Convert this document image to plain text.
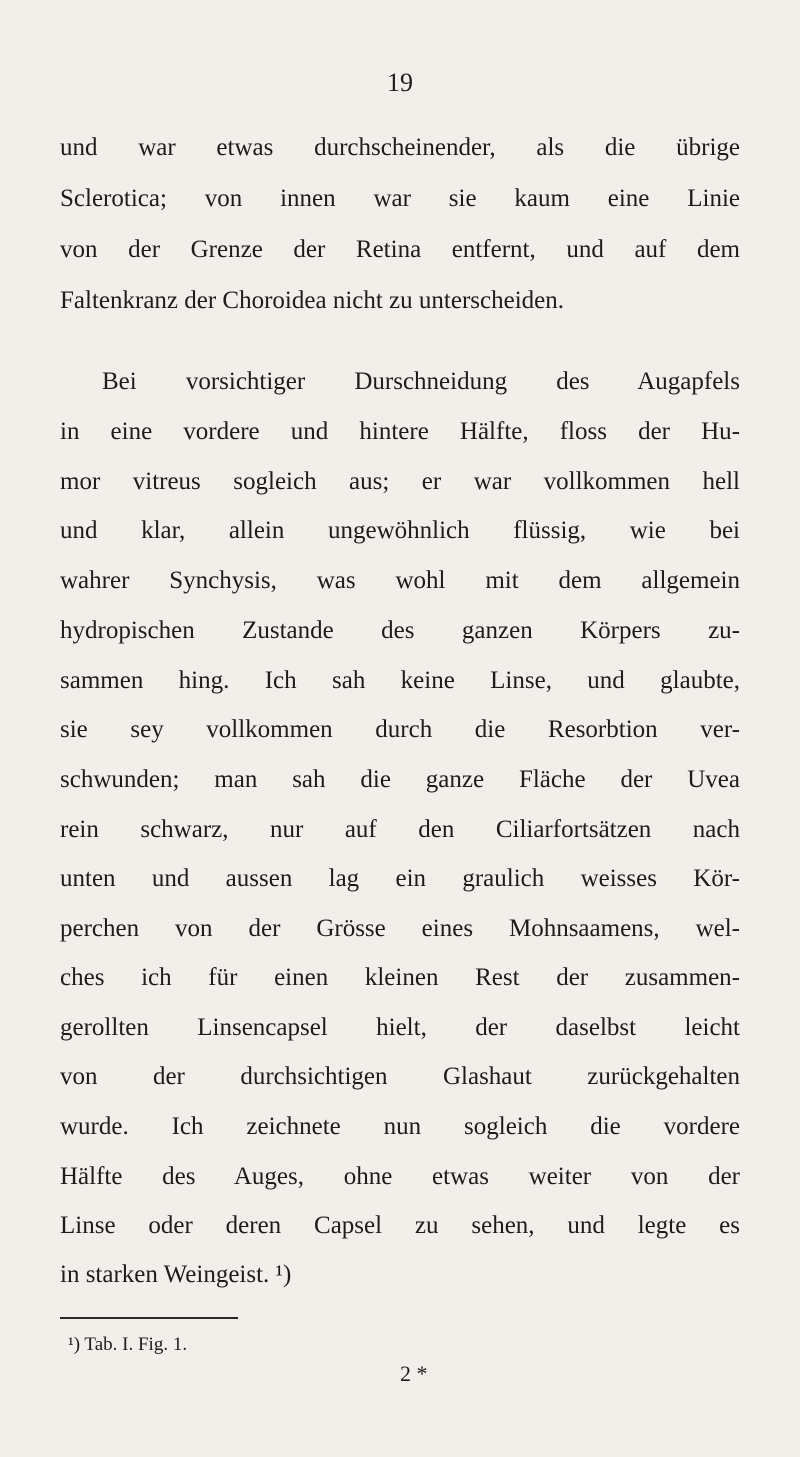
19
und war etwas durchscheinender, als die übrige
Sclerotica; von innen war sie kaum eine Linie
von der Grenze der Retina entfernt, und auf dem
Faltenkranz der Choroidea nicht zu unterscheiden.
Bei vorsichtiger Durschneidung des Augapfels
in eine vordere und hintere Hälfte, floss der Hu-
mor vitreus sogleich aus; er war vollkommen hell
und klar, allein ungewöhnlich flüssig, wie bei
wahrer Synchysis, was wohl mit dem allgemein
hydropischen Zustande des ganzen Körpers zu-
sammen hing. Ich sah keine Linse, und glaubte,
sie sey vollkommen durch die Resorbtion ver-
schwunden; man sah die ganze Fläche der Uvea
rein schwarz, nur auf den Ciliarfortsätzen nach
unten und aussen lag ein graulich weisses Kör-
perchen von der Grösse eines Mohnsaamens, wel-
ches ich für einen kleinen Rest der zusammen-
gerollten Linsencapsel hielt, der daselbst leicht
von der durchsichtigen Glashaut zurückgehalten
wurde. Ich zeichnete nun sogleich die vordere
Hälfte des Auges, ohne etwas weiter von der
Linse oder deren Capsel zu sehen, und legte es
in starken Weingeist. ¹)
¹) Tab. I. Fig. 1.
2 *
